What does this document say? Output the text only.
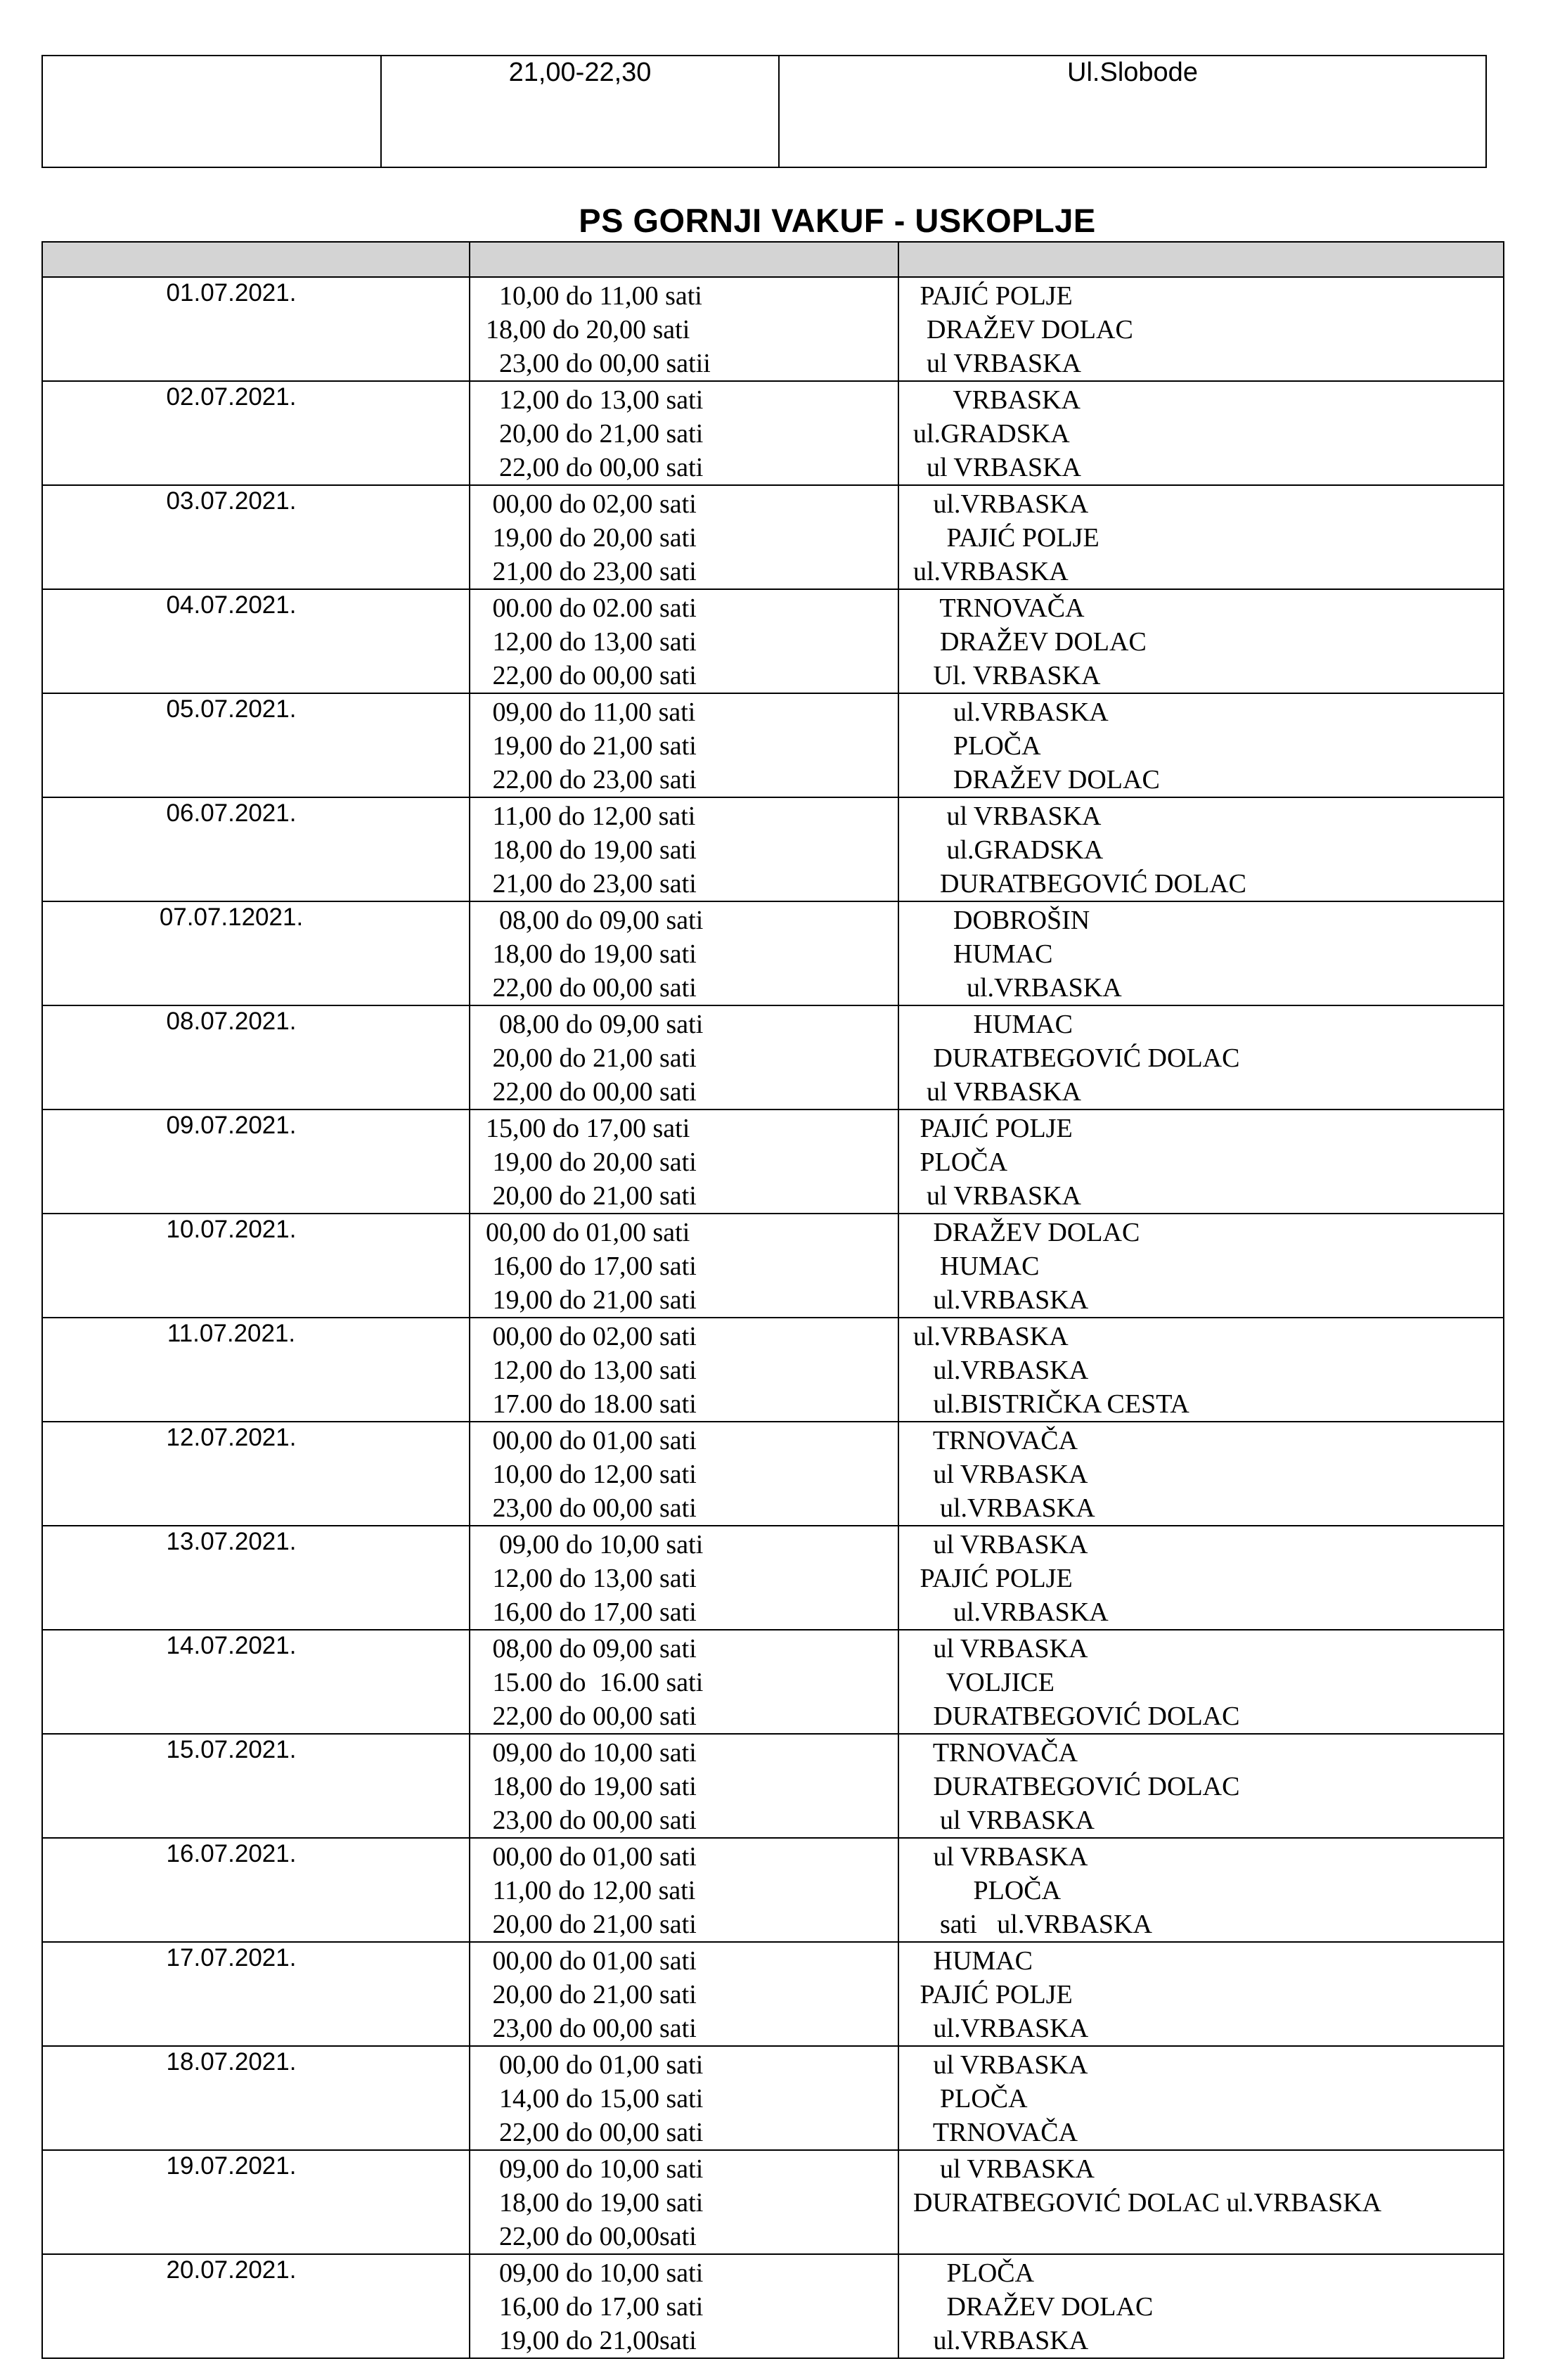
21,00-22,30	Ul.Slobode
PS GORNJI VAKUF - USKOPLJE

01.07.2021.	10,00 do 11,00 sati
18,00 do 20,00 sati
23,00 do 00,00 satii	PAJIĆ POLJE
DRAŽEV DOLAC
ul VRBASKA

02.07.2021.	12,00 do 13,00 sati
20,00 do 21,00 sati
22,00 do 00,00 sati	VRBASKA
ul.GRADSKA
ul VRBASKA

03.07.2021.	00,00 do 02,00 sati
19,00 do 20,00 sati
21,00 do 23,00 sati	ul.VRBASKA
PAJIĆ POLJE
ul.VRBASKA

04.07.2021.	00.00 do 02.00 sati
12,00 do 13,00 sati
22,00 do 00,00 sati	TRNOVAČA
DRAŽEV DOLAC
Ul. VRBASKA

05.07.2021.	09,00 do 11,00 sati
19,00 do 21,00 sati
22,00 do 23,00 sati	ul.VRBASKA
PLOČA
DRAŽEV DOLAC

06.07.2021.	11,00 do 12,00 sati
18,00 do 19,00 sati
21,00 do 23,00 sati	ul VRBASKA
ul.GRADSKA
DURATBEGOVIĆ DOLAC

07.07.12021.	08,00 do 09,00 sati
18,00 do 19,00 sati
22,00 do 00,00 sati	DOBROŠIN
HUMAC
ul.VRBASKA

08.07.2021.	08,00 do 09,00 sati
20,00 do 21,00 sati
22,00 do 00,00 sati	HUMAC
DURATBEGOVIĆ DOLAC
ul VRBASKA

09.07.2021.	15,00 do 17,00 sati
19,00 do 20,00 sati
20,00 do 21,00 sati	PAJIĆ POLJE
PLOČA
ul VRBASKA

10.07.2021.	00,00 do 01,00 sati
16,00 do 17,00 sati
19,00 do 21,00 sati	DRAŽEV DOLAC
HUMAC
ul.VRBASKA

11.07.2021.	00,00 do 02,00 sati
12,00 do 13,00 sati
17.00 do 18.00 sati	ul.VRBASKA
ul.VRBASKA
ul.BISTRIČKA CESTA

12.07.2021.	00,00 do 01,00 sati
10,00 do 12,00 sati
23,00 do 00,00 sati	TRNOVAČA
ul VRBASKA
ul.VRBASKA

13.07.2021.	09,00 do 10,00 sati
12,00 do 13,00 sati
16,00 do 17,00 sati	ul VRBASKA
PAJIĆ POLJE
ul.VRBASKA

14.07.2021.	08,00 do 09,00 sati
15.00 do  16.00 sati
22,00 do 00,00 sati	ul VRBASKA
VOLJICE
DURATBEGOVIĆ DOLAC

15.07.2021.	09,00 do 10,00 sati
18,00 do 19,00 sati
23,00 do 00,00 sati	TRNOVAČA
DURATBEGOVIĆ DOLAC
ul VRBASKA

16.07.2021.	00,00 do 01,00 sati
11,00 do 12,00 sati
20,00 do 21,00 sati	ul VRBASKA
PLOČA
sati   ul.VRBASKA

17.07.2021.	00,00 do 01,00 sati
20,00 do 21,00 sati
23,00 do 00,00 sati	HUMAC
PAJIĆ POLJE
ul.VRBASKA

18.07.2021.	00,00 do 01,00 sati
14,00 do 15,00 sati
22,00 do 00,00 sati	ul VRBASKA
PLOČA
TRNOVAČA

19.07.2021.	09,00 do 10,00 sati
18,00 do 19,00 sati
22,00 do 00,00sati	ul VRBASKA
DURATBEGOVIĆ DOLAC ul.VRBASKA

20.07.2021.	09,00 do 10,00 sati
16,00 do 17,00 sati
19,00 do 21,00sati	PLOČA
DRAŽEV DOLAC
ul.VRBASKA
